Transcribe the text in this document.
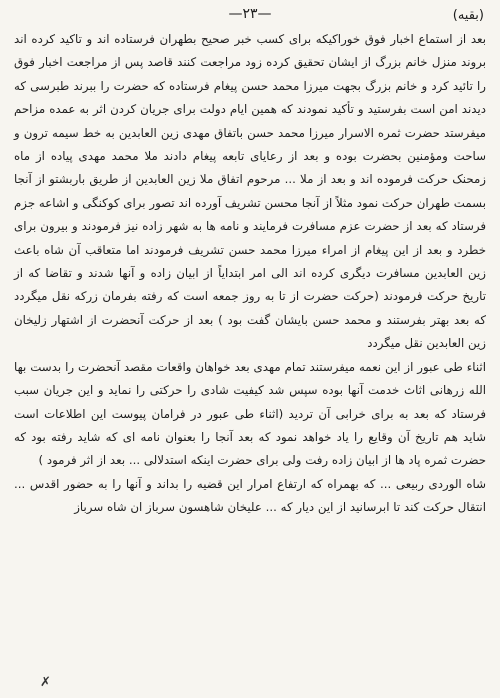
(بقیه)
—٢٣—

بعد از استماع اخبار فوق خوراکیکه برای کسب خبر صحیح بطهران فرستاده اند و تاکید کرده اند بروند منزل خانم بزرگ از ایشان تحقیق کرده زود مراجعت کنند قاصد پس از مراجعت اخبار فوق را تائید کرد و خانم بزرگ بجهت میرزا محمد حسن پیغام فرستاده که حضرت را ببرند طبرسی که دیدند امن است بفرستید و تأکید نمودند که همین ایام دولت برای جریان کردن اثر به عمده مزاحم میفرستد حضرت ثمره الاسرار میرزا محمد حسن باتفاق مهدی زین العابدین به خط سیمه ترون و ساحت ومؤمنین بحضرت بوده و بعد از رعایای تابعه پیغام دادند ملا محمد مهدی پیاده از ماه زمحنک حرکت فرموده اند و بعد از ملا ... مرحوم اتفاق ملا زین العابدین از طریق باربشتو از آنجا بسمت طهران حرکت نمود مثلاً از آنجا محسن تشریف آورده اند تصور برای کوکنگی و اشاعه جزم فرستاد که بعد از حضرت عزم مسافرت فرمایند و نامه ها به شهر زاده نیز فرمودند و بیرون برای خطرد و بعد از این پیغام از امراء میرزا محمد حسن تشریف فرمودند اما متعاقب آن شاه باعث زین العابدین مسافرت دیگری کرده اند الی امر ابتدایاً از ابیان زاده و آنها شدند و تقاضا که از تاریخ حرکت فرمودند (حرکت حضرت از تا به روز جمعه است که رفته بفرمان زرکه نقل میگردد که بعد بهتر بفرستند و محمد حسن بایشان گفت بود ) بعد از حرکت آنحضرت از اشتهار زلیخان زین العابدین نقل میگردد

اثناء طی عبور از این نعمه میفرستند تمام مهدی بعد خواهان واقعات مقصد آنحضرت را بدست بها الله زرهانی اثاث خدمت آنها بوده سپس شد کیفیت شادی را حرکتی را نماید و این جریان سبب فرستاد که بعد به برای خرابی آن تردید (اثناء طی عبور در فرامان پیوست این اطلاعات است شاید هم تاریخ آن وقایع را یاد خواهد نمود که بعد آنجا را بعنوان نامه ای که شاید رفته بود که حضرت ثمره پاد ها از ابیان زاده رفت ولی برای حضرت اینکه استدلالی ... بعد از اثر فرمود )

شاه الوردی ربیعی ... که بهمراه که ارتفاع امرار این قضیه را بداند و آنها را به حضور اقدس ... انتقال حرکت کند تا ابرسانید از این دیار که ... علیخان شاهسون سرباز ان شاه سرباز

✗
